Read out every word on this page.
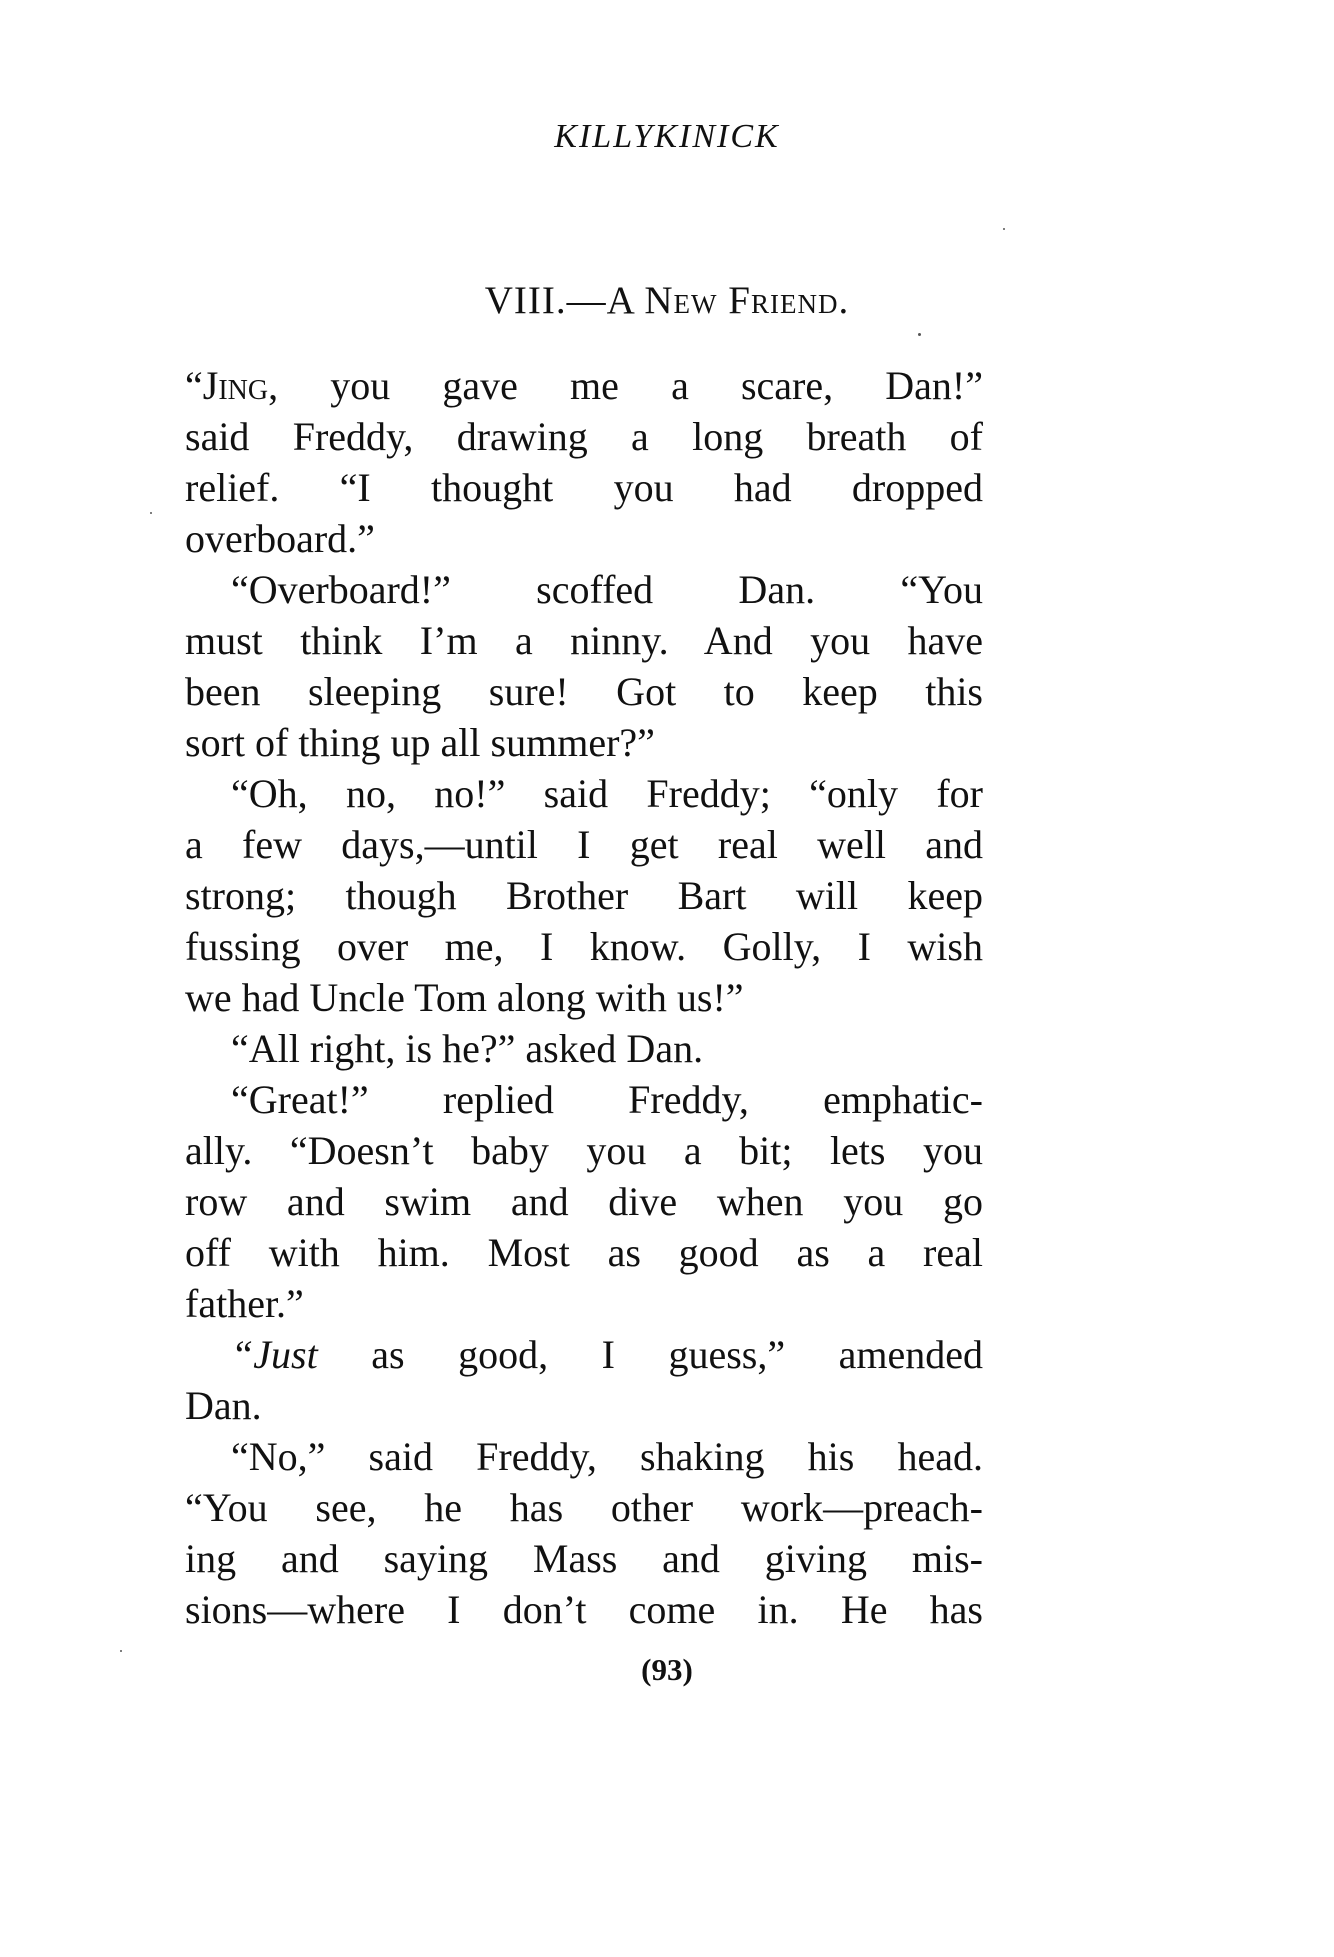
KILLYKINICK
VIII.—A New Friend.
“Jing, you gave me a scare, Dan!”
said Freddy, drawing a long breath of
relief. “I thought you had dropped
overboard.”
“Overboard!” scoffed Dan. “You
must think I’m a ninny. And you have
been sleeping sure! Got to keep this
sort of thing up all summer?”
“Oh, no, no!” said Freddy; “only for
a few days,—until I get real well and
strong; though Brother Bart will keep
fussing over me, I know. Golly, I wish
we had Uncle Tom along with us!”
“All right, is he?” asked Dan.
“Great!” replied Freddy, emphatic-
ally. “Doesn’t baby you a bit; lets you
row and swim and dive when you go
off with him. Most as good as a real
father.”
“Just as good, I guess,” amended
Dan.
“No,” said Freddy, shaking his head.
“You see, he has other work—preach-
ing and saying Mass and giving mis-
sions—where I don’t come in. He has
(93)
